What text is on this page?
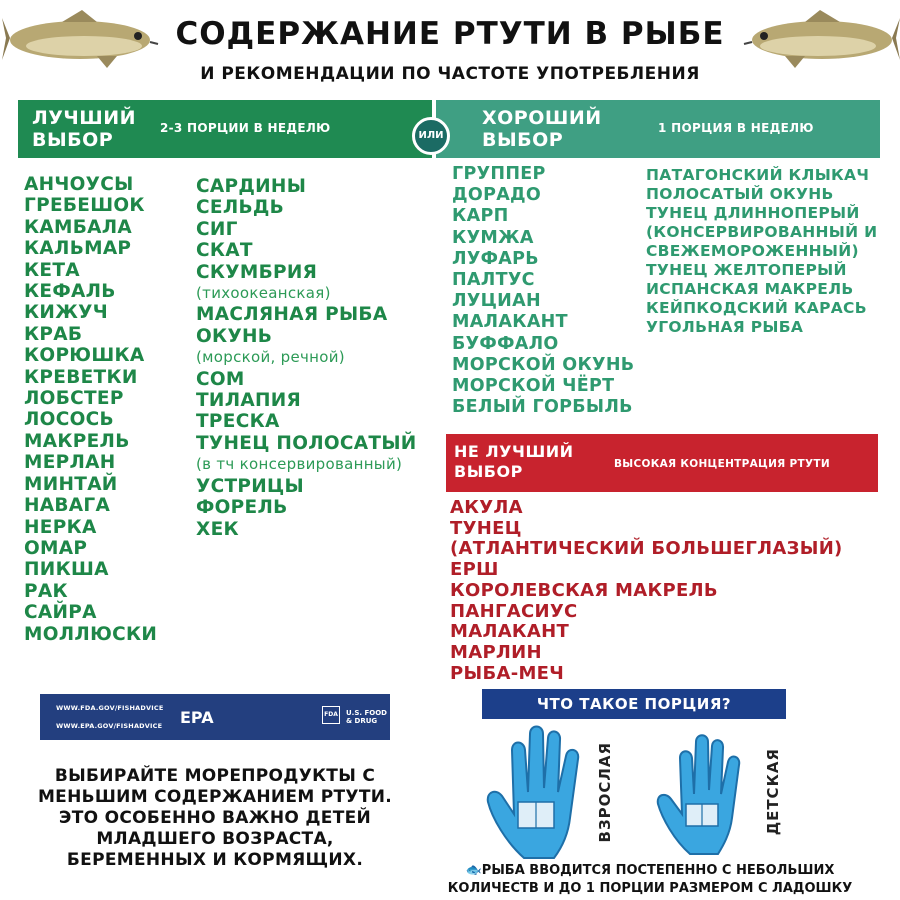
СОДЕРЖАНИЕ РТУТИ В РЫБЕ
И РЕКОМЕНДАЦИИ ПО ЧАСТОТЕ УПОТРЕБЛЕНИЯ
ЛУЧШИЙ
ВЫБОР
2-3 ПОРЦИИ В НЕДЕЛЮ	ХОРОШИЙ
ВЫБОР
1 ПОРЦИЯ В НЕДЕЛЮ
ИЛИ
АНЧОУСЫ
ГРЕБЕШОК
КАМБАЛА
КАЛЬМАР
КЕТА
КЕФАЛЬ
КИЖУЧ
КРАБ
КОРЮШКА
КРЕВЕТКИ
ЛОБСТЕР
ЛОСОСЬ
МАКРЕЛЬ
МЕРЛАН
МИНТАЙ
НАВАГА
НЕРКА
ОМАР
ПИКША
РАК
САЙРА
МОЛЛЮСКИ
САРДИНЫ
СЕЛЬДЬ
СИГ
СКАТ
СКУМБРИЯ
(тихоокеанская)
МАСЛЯНАЯ РЫБА
ОКУНЬ
(морской, речной)
СОМ
ТИЛАПИЯ
ТРЕСКА
ТУНЕЦ ПОЛОСАТЫЙ
(в тч консервированный)
УСТРИЦЫ
ФОРЕЛЬ
ХЕК
ГРУППЕР
ДОРАДО
КАРП
КУМЖА
ЛУФАРЬ
ПАЛТУС
ЛУЦИАН
МАЛАКАНТ
БУФФАЛО
МОРСКОЙ ОКУНЬ
МОРСКОЙ ЧЁРТ
БЕЛЫЙ ГОРБЫЛЬ
ПАТАГОНСКИЙ КЛЫКАЧ
ПОЛОСАТЫЙ ОКУНЬ
ТУНЕЦ ДЛИННОПЕРЫЙ
(КОНСЕРВИРОВАННЫЙ И
СВЕЖЕМОРОЖЕННЫЙ)
ТУНЕЦ ЖЕЛТОПЕРЫЙ
ИСПАНСКАЯ МАКРЕЛЬ
КЕЙПКОДСКИЙ КАРАСЬ
УГОЛЬНАЯ РЫБА
НЕ ЛУЧШИЙ
ВЫБОР	ВЫСОКАЯ КОНЦЕНТРАЦИЯ РТУТИ
АКУЛА
ТУНЕЦ
(АТЛАНТИЧЕСКИЙ БОЛЬШЕГЛАЗЫЙ)
ЕРШ
КОРОЛЕВСКАЯ МАКРЕЛЬ
ПАНГАСИУС
МАЛАКАНТ
МАРЛИН
РЫБА-МЕЧ
WWW.FDA.GOV/FISHADVICE
WWW.EPA.GOV/FISHADVICE EPA	FDA	U.S. FOOD & DRUG
ВЫБИРАЙТЕ МОРЕПРОДУКТЫ С
МЕНЬШИМ СОДЕРЖАНИЕМ РТУТИ.
ЭТО ОСОБЕННО ВАЖНО ДЕТЕЙ
МЛАДШЕГО ВОЗРАСТА,
БЕРЕМЕННЫХ И КОРМЯЩИХ.
ЧТО ТАКОЕ ПОРЦИЯ?
ВЗРОСЛАЯ	ДЕТСКАЯ
🐟РЫБА ВВОДИТСЯ ПОСТЕПЕННО С НЕБОЛЬШИХ
КОЛИЧЕСТВ И ДО 1 ПОРЦИИ РАЗМЕРОМ С ЛАДОШКУ
